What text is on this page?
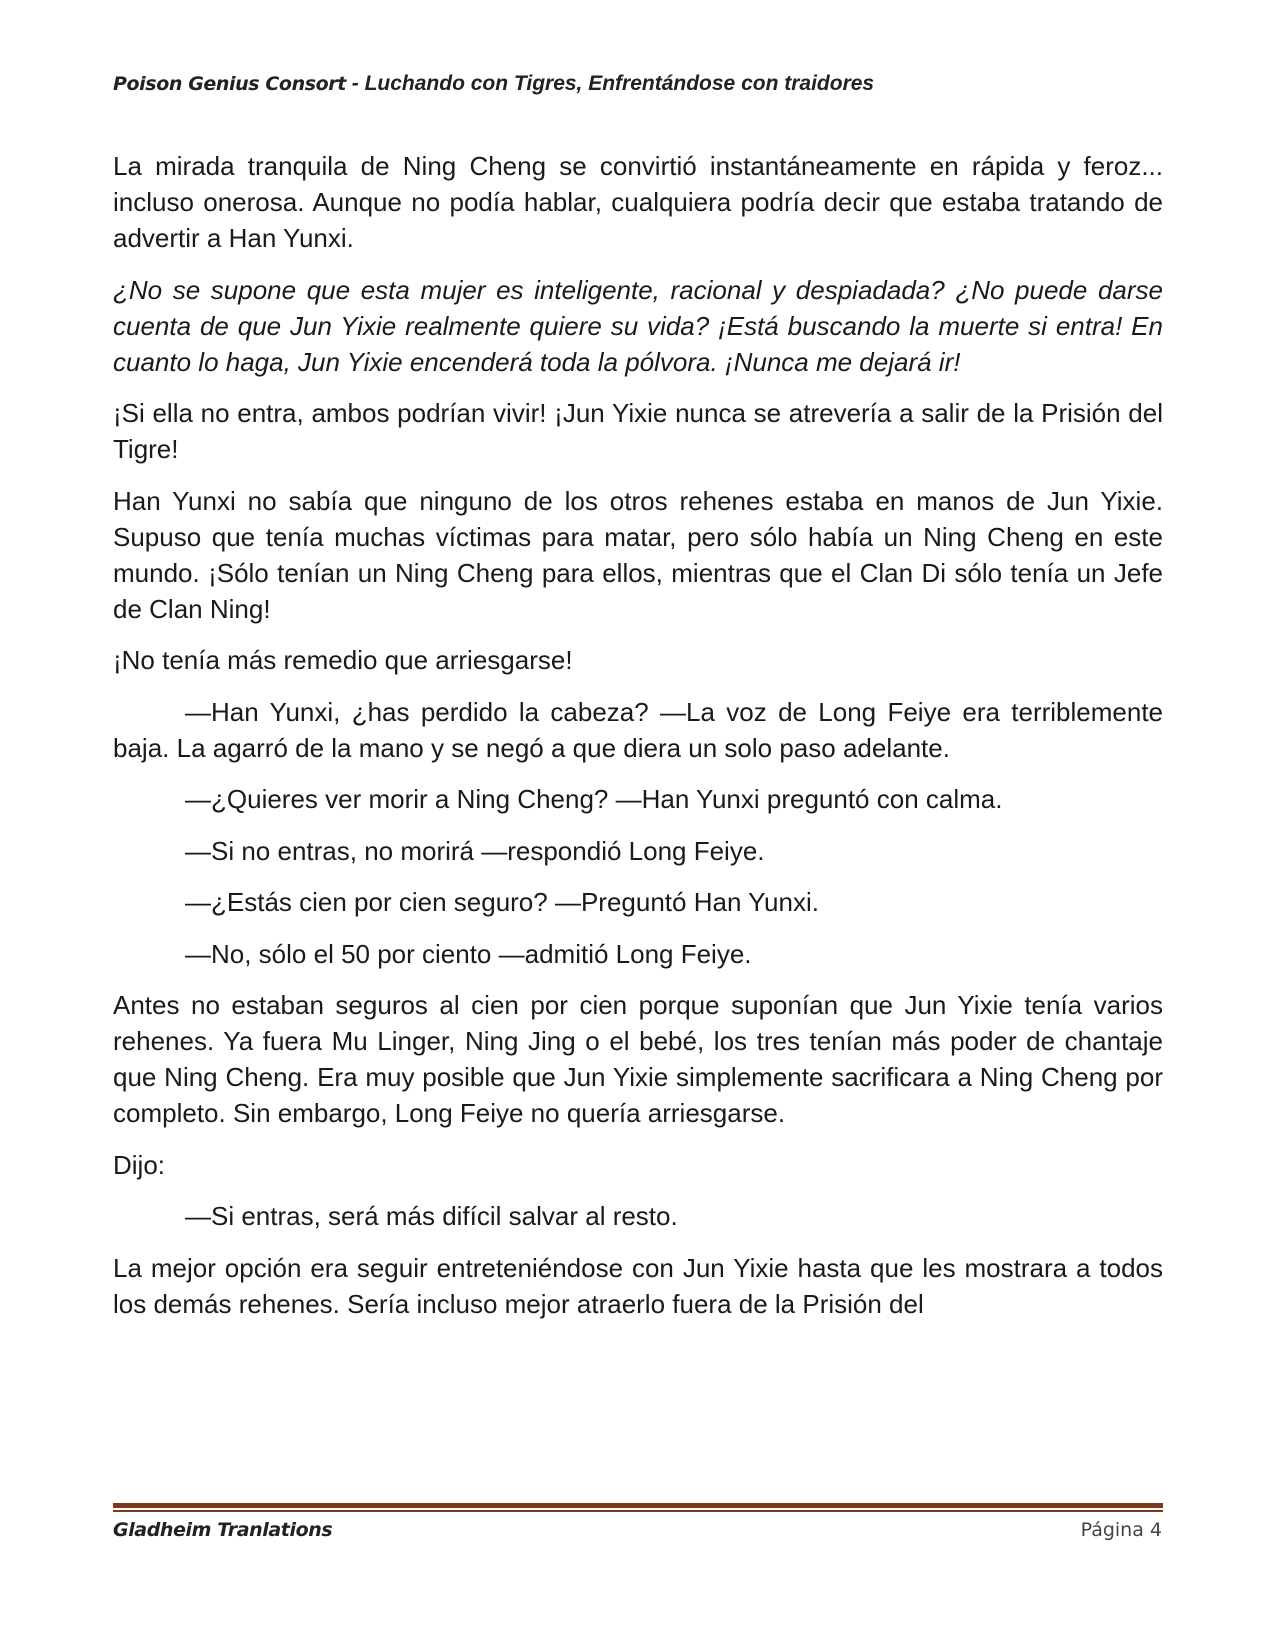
Poison Genius Consort - Luchando con Tigres, Enfrentándose con traidores

La mirada tranquila de Ning Cheng se convirtió instantáneamente en rápida y feroz... incluso onerosa. Aunque no podía hablar, cualquiera podría decir que estaba tratando de advertir a Han Yunxi.

¿No se supone que esta mujer es inteligente, racional y despiadada? ¿No puede darse cuenta de que Jun Yixie realmente quiere su vida? ¡Está buscando la muerte si entra! En cuanto lo haga, Jun Yixie encenderá toda la pólvora. ¡Nunca me dejará ir!

¡Si ella no entra, ambos podrían vivir! ¡Jun Yixie nunca se atrevería a salir de la Prisión del Tigre!

Han Yunxi no sabía que ninguno de los otros rehenes estaba en manos de Jun Yixie. Supuso que tenía muchas víctimas para matar, pero sólo había un Ning Cheng en este mundo. ¡Sólo tenían un Ning Cheng para ellos, mientras que el Clan Di sólo tenía un Jefe de Clan Ning!

¡No tenía más remedio que arriesgarse!

—Han Yunxi, ¿has perdido la cabeza? —La voz de Long Feiye era terriblemente baja. La agarró de la mano y se negó a que diera un solo paso adelante.

—¿Quieres ver morir a Ning Cheng? —Han Yunxi preguntó con calma.

—Si no entras, no morirá —respondió Long Feiye.

—¿Estás cien por cien seguro? —Preguntó Han Yunxi.

—No, sólo el 50 por ciento —admitió Long Feiye.

Antes no estaban seguros al cien por cien porque suponían que Jun Yixie tenía varios rehenes. Ya fuera Mu Linger, Ning Jing o el bebé, los tres tenían más poder de chantaje que Ning Cheng. Era muy posible que Jun Yixie simplemente sacrificara a Ning Cheng por completo. Sin embargo, Long Feiye no quería arriesgarse.

Dijo:

—Si entras, será más difícil salvar al resto.

La mejor opción era seguir entreteniéndose con Jun Yixie hasta que les mostrara a todos los demás rehenes. Sería incluso mejor atraerlo fuera de la Prisión del

Gladheim Tranlations	Página 4
